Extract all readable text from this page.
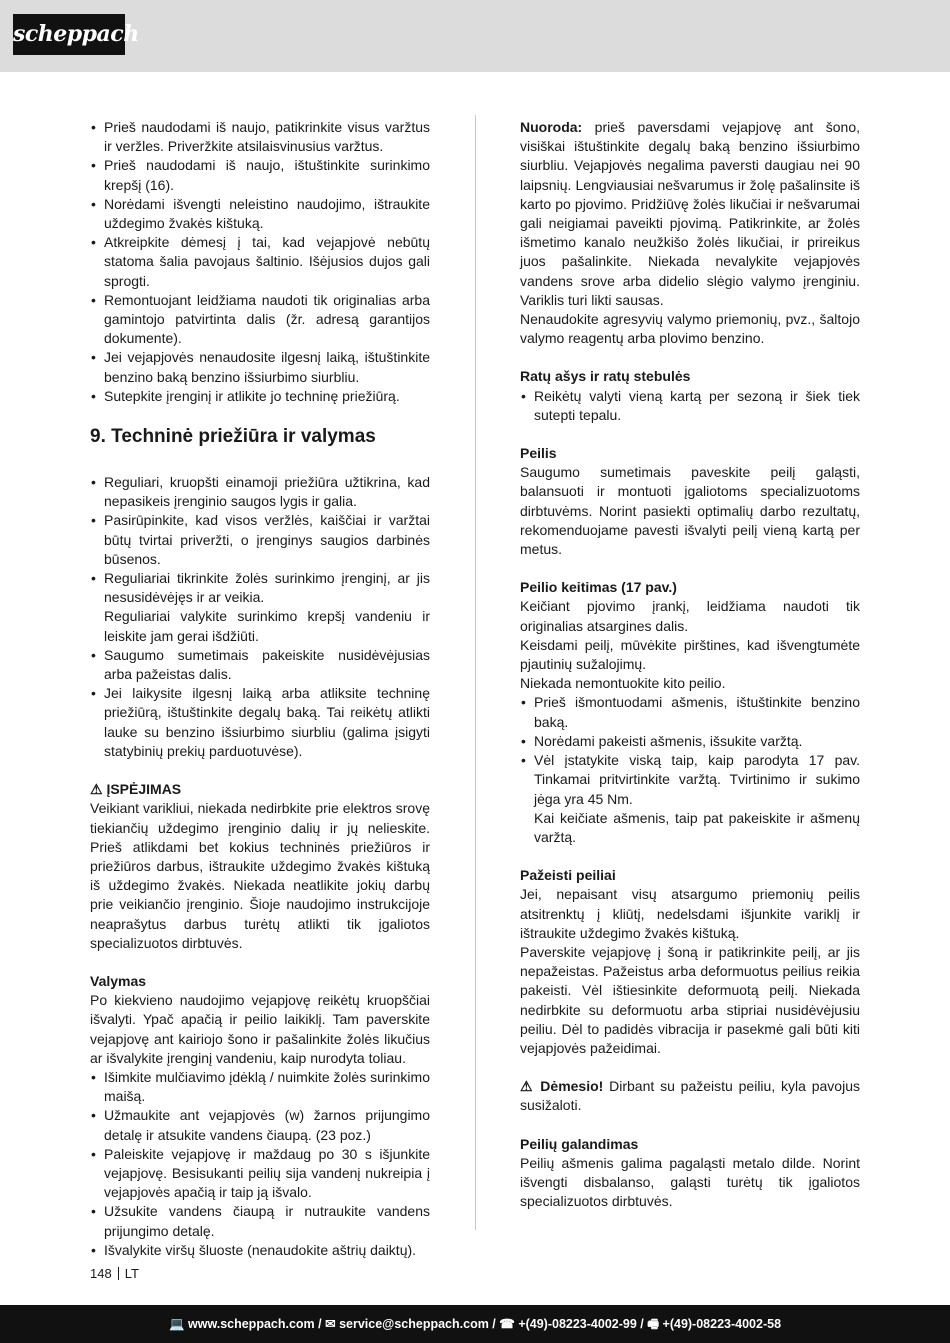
scheppach
• Prieš naudodami iš naujo, patikrinkite visus varžtus ir veržles. Priveržkite atsilaisvinusius varžtus.
• Prieš naudodami iš naujo, ištuštinkite surinkimo krepšį (16).
• Norėdami išvengti neleistino naudojimo, ištraukite uždegimo žvakės kištuką.
• Atkreipkite dėmesį į tai, kad vejapjovė nebūtų statoma šalia pavojaus šaltinio. Išėjusios dujos gali sprogti.
• Remontuojant leidžiama naudoti tik originalias arba gamintojo patvirtinta dalis (žr. adresą garantijos dokumente).
• Jei vejapjovės nenaudosite ilgesnį laiką, ištuštinkite benzino baką benzino išsiurbimo siurbliu.
• Sutepkite įrenginį ir atlikite jo techninę priežiūrą.
9. Techninė priežiūra ir valymas
• Reguliari, kruopšti einamoji priežiūra užtikrina, kad nepasikeis įrenginio saugos lygis ir galia.
• Pasirūpinkite, kad visos veržlės, kaiščiai ir varžtai būtų tvirtai priveržti, o įrenginys saugios darbinės būsenos.
• Reguliariai tikrinkite žolės surinkimo įrenginį, ar jis nesusidėvėjęs ir ar veikia.
Reguliariai valykite surinkimo krepšį vandeniu ir leiskite jam gerai išdžiūti.
• Saugumo sumetimais pakeiskite nusidėvėjusias arba pažeistas dalis.
• Jei laikysite ilgesnį laiką arba atliksite techninę priežiūrą, ištuštinkite degalų baką. Tai reikėtų atlikti lauke su benzino išsiurbimo siurbliu (galima įsigyti statybinių prekių parduotuvėse).

⚠ ĮSPĖJIMAS

Veikiant varikliui, niekada nedirbkite prie elektros srovę tiekiančių uždegimo įrenginio dalių ir jų nelieskite. Prieš atlikdami bet kokius techninės priežiūros ir priežiūros darbus, ištraukite uždegimo žvakės kištuką iš uždegimo žvakės. Niekada neatlikite jokių darbų prie veikiančio įrenginio. Šioje naudojimo instrukcijoje neaprašytus darbus turėtų atlikti tik įgaliotos specializuotos dirbtuvės.

Valymas

Po kiekvieno naudojimo vejapjovę reikėtų kruopščiai išvalyti. Ypač apačią ir peilio laikiklį. Tam paverskite vejapjovę ant kairiojo šono ir pašalinkite žolės likučius ar išvalykite įrenginį vandeniu, kaip nurodyta toliau.

• Išimkite mulčiavimo įdėklą / nuimkite žolės surinkimo maišą.
• Užmaukite ant vejapjovės (w) žarnos prijungimo detalę ir atsukite vandens čiaupą. (23 poz.)
• Paleiskite vejapjovę ir maždaug po 30 s išjunkite vejapjovę. Besisukanti peilių sija vandenį nukreipia į vejapjovės apačią ir taip ją išvalo.
• Užsukite vandens čiaupą ir nutraukite vandens prijungimo detalę.
• Išvalykite viršų šluoste (nenaudokite aštrių daiktų).

Nuoroda: prieš paversdami vejapjovę ant šono, visiškai ištuštinkite degalų baką benzino išsiurbimo siurbliu. Vejapjovės negalima paversti daugiau nei 90 laipsnių. Lengviausiai nešvarumus ir žolę pašalinsite iš karto po pjovimo. Pridžiūvę žolės likučiai ir nešvarumai gali neigiamai paveikti pjovimą. Patikrinkite, ar žolės išmetimo kanalo neužkišo žolės likučiai, ir prireikus juos pašalinkite. Niekada nevalykite vejapjovės vandens srove arba didelio slėgio valymo įrenginiu. Variklis turi likti sausas.

Nenaudokite agresyvių valymo priemonių, pvz., šaltojo valymo reagentų arba plovimo benzino.

Ratų ašys ir ratų stebulės

• Reikėtų valyti vieną kartą per sezoną ir šiek tiek sutepti tepalu.

Peilis

Saugumo sumetimais paveskite peilį galąsti, balansuoti ir montuoti įgaliotoms specializuotoms dirbtuvėms. Norint pasiekti optimalių darbo rezultatų, rekomenduojame pavesti išvalyti peilį vieną kartą per metus.

Peilio keitimas (17 pav.)

Keičiant pjovimo įrankį, leidžiama naudoti tik originalias atsargines dalis.

Keisdami peilį, mūvėkite pirštines, kad išvengtumėte pjautinių sužalojimų.

Niekada nemontuokite kito peilio.

• Prieš išmontuodami ašmenis, ištuštinkite benzino baką.
• Norėdami pakeisti ašmenis, išsukite varžtą.
• Vėl įstatykite viską taip, kaip parodyta 17 pav. Tinkamai pritvirtinkite varžtą. Tvirtinimo ir sukimo jėga yra 45 Nm.
Kai keičiate ašmenis, taip pat pakeiskite ir ašmenų varžtą.

Pažeisti peiliai

Jei, nepaisant visų atsargumo priemonių peilis atsitrenktų į kliūtį, nedelsdami išjunkite variklį ir ištraukite uždegimo žvakės kištuką.

Paverskite vejapjovę į šoną ir patikrinkite peilį, ar jis nepažeistas. Pažeistus arba deformuotus peilius reikia pakeisti. Vėl ištiesinkite deformuotą peilį. Niekada nedirbkite su deformuotu arba stipriai nusidėvėjusiu peiliu. Dėl to padidės vibracija ir pasekmė gali būti kiti vejapjovės pažeidimai.

⚠ Dėmesio! Dirbant su pažeistu peiliu, kyla pavojus susižaloti.

Peilių galandimas

Peilių ašmenis galima pagaląsti metalo dilde. Norint išvengti disbalanso, galąsti turėtų tik įgaliotos specializuotos dirbtuvės.

148 LT
💻 www.scheppach.com / ✉ service@scheppach.com / ☎ +(49)-08223-4002-99 / 🖷 +(49)-08223-4002-58
